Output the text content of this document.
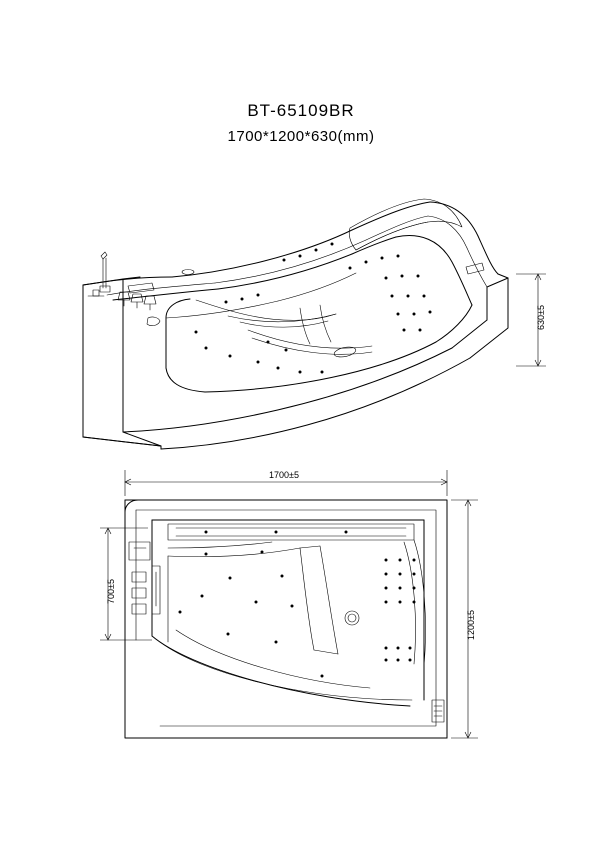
BT-65109BR
1700*1200*630(mm)
630±5
1700±5
700±5
1200±5
